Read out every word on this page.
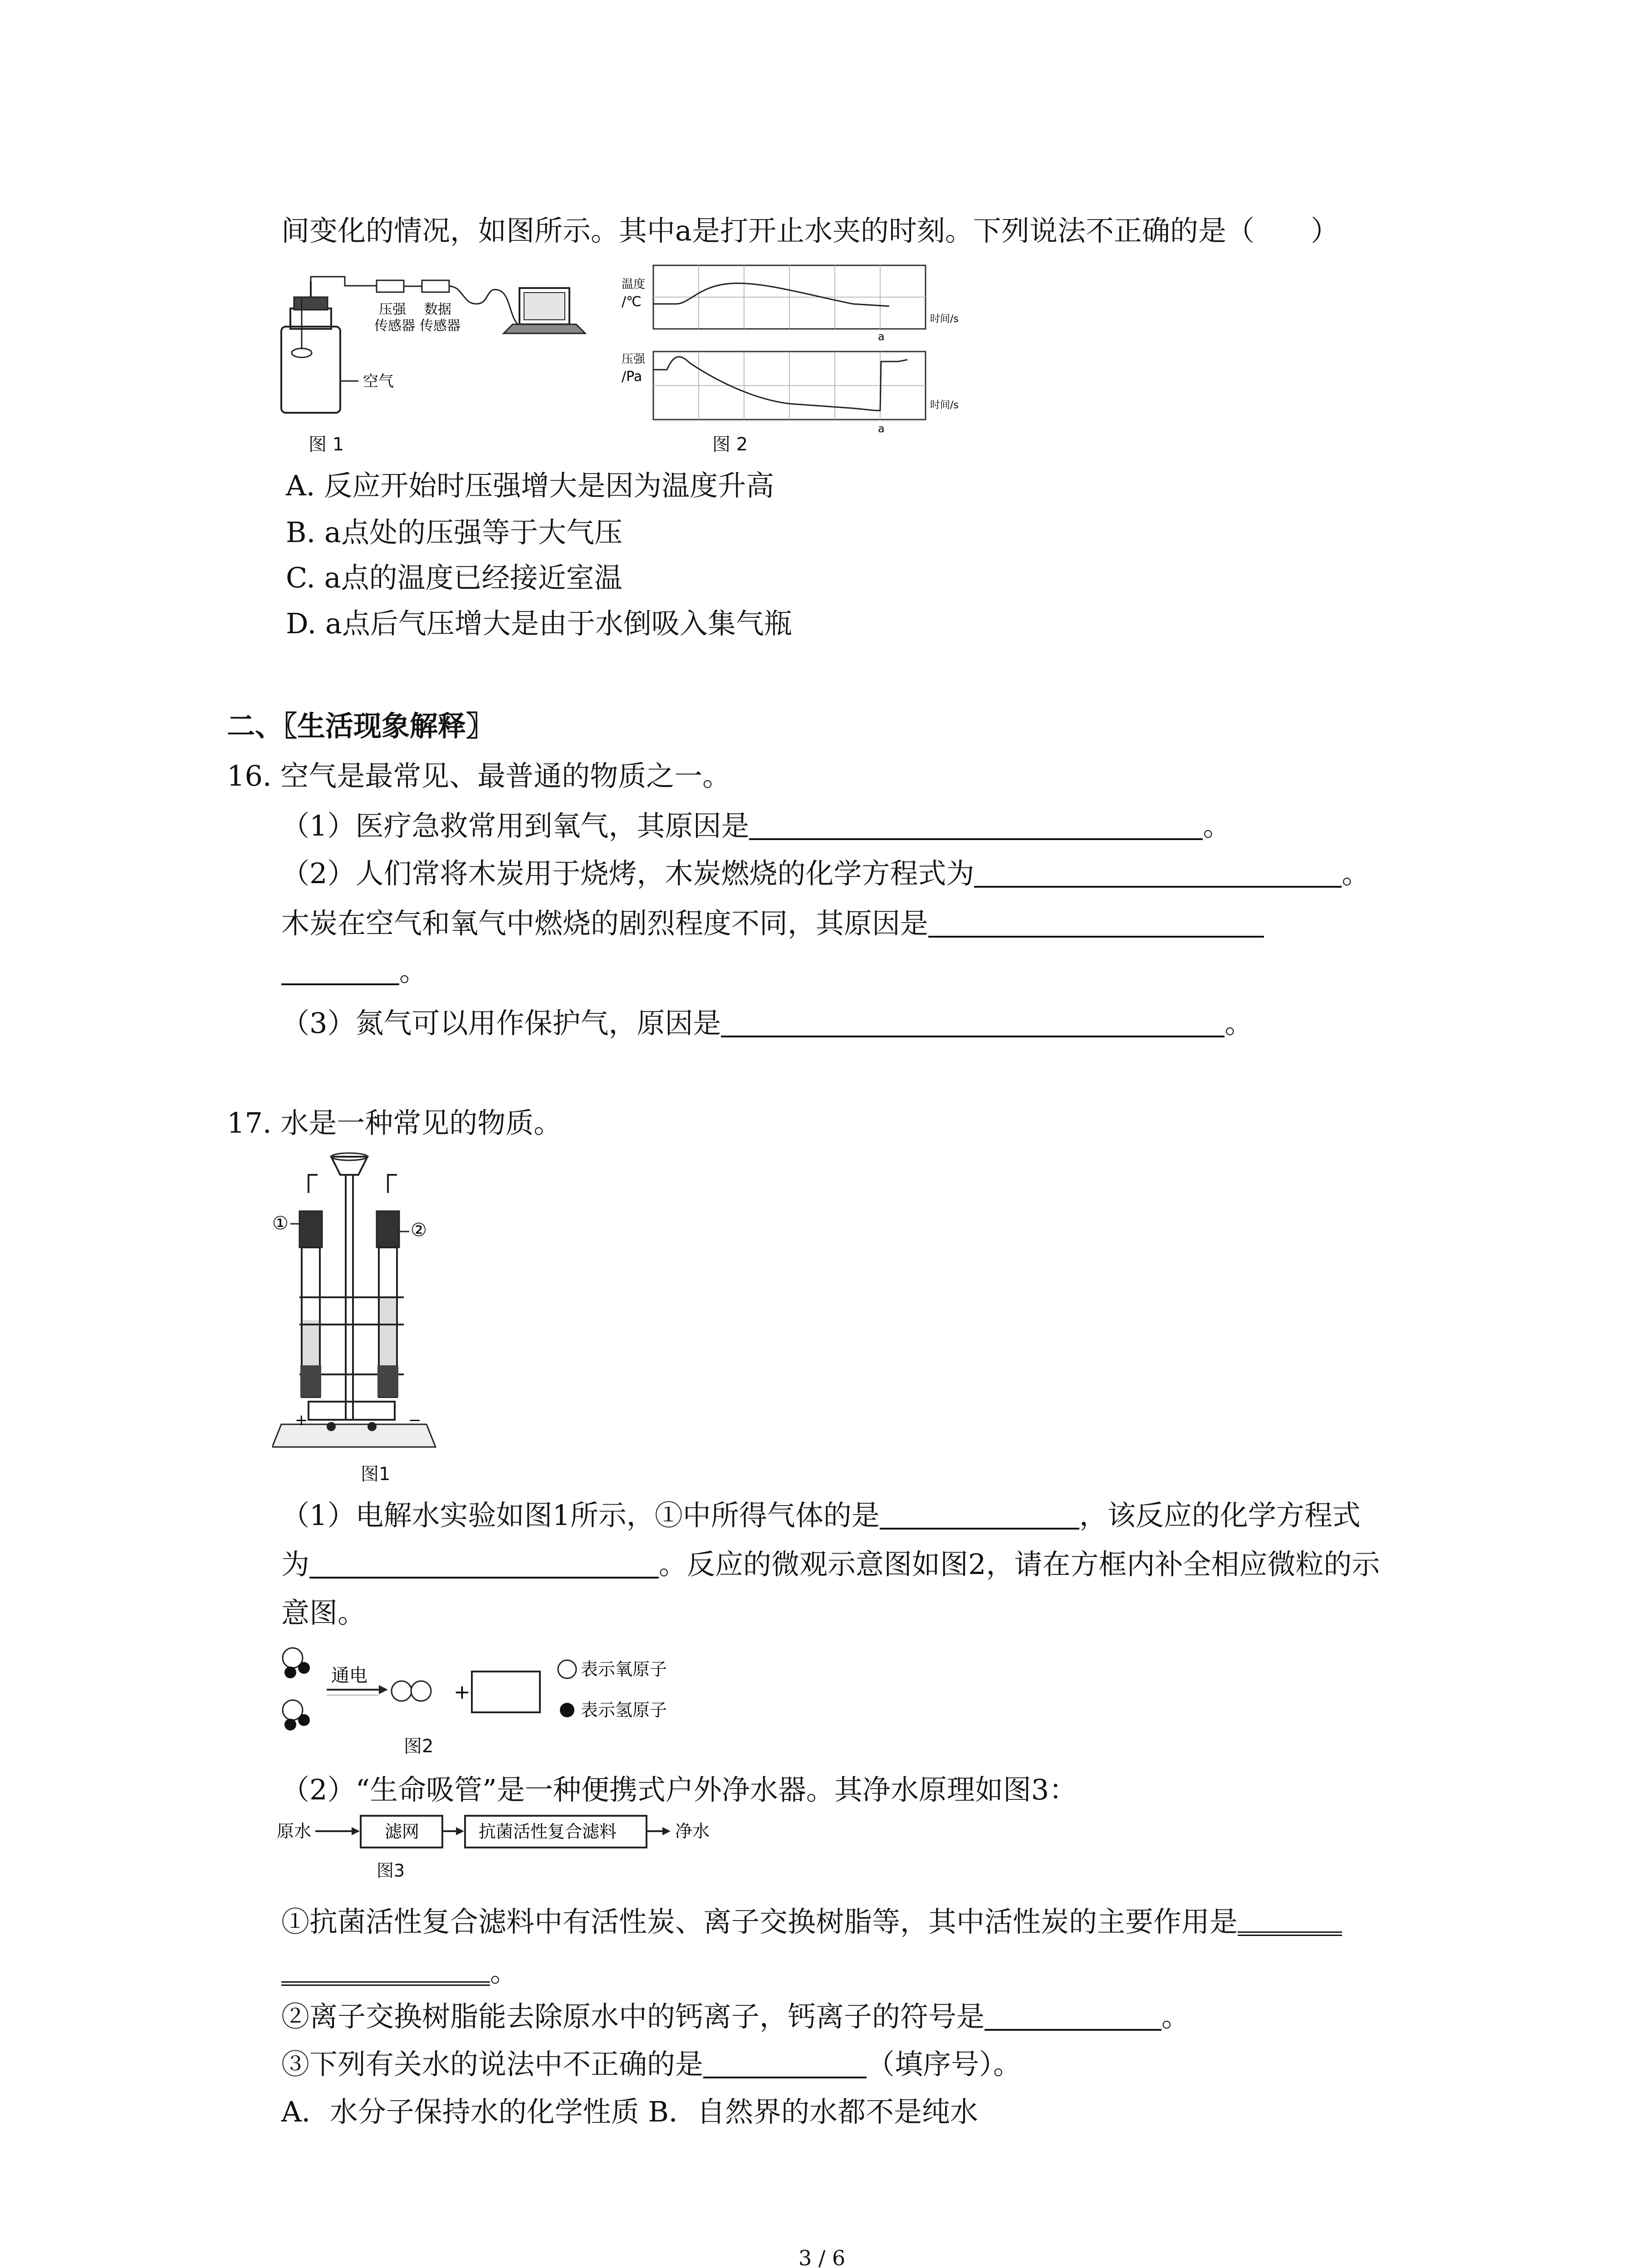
间变化的情况，如图所示。其中a是打开止水夹的时刻。下列说法不正确的是（　　）
空气
压强
传感器
数据
传感器
图 1
温度
/℃
时间/s
a
压强
/Pa
时间/s
a
图 2
A. 反应开始时压强增大是因为温度升高
B. a点处的压强等于大气压
C. a点的温度已经接近室温
D. a点后气压增大是由于水倒吸入集气瓶
二、〖生活现象解释〗
16. 空气是最常见、最普通的物质之一。
（1）医疗急救常用到氧气，其原因是	。
（2）人们常将木炭用于烧烤，木炭燃烧的化学方程式为	。
木炭在空气和氧气中燃烧的剧烈程度不同，其原因是
。
（3）氮气可以用作保护气，原因是	。
17. 水是一种常见的物质。
①	②
+	−
图1
（1）电解水实验如图1所示，①中所得气体的是	，该反应的化学方程式
为	。反应的微观示意图如图2，请在方框内补全相应微粒的示
意图。
通电
+
表示氧原子
表示氢原子
图2
（2）“生命吸管”是一种便携式户外净水器。其净水原理如图3：
原水	滤网	抗菌活性复合滤料	净水
图3
①抗菌活性复合滤料中有活性炭、离子交换树脂等，其中活性炭的主要作用是
。
②离子交换树脂能去除原水中的钙离子，钙离子的符号是	。
③下列有关水的说法中不正确的是	（填序号）。
A．水分子保持水的化学性质 B．自然界的水都不是纯水
3 / 6
